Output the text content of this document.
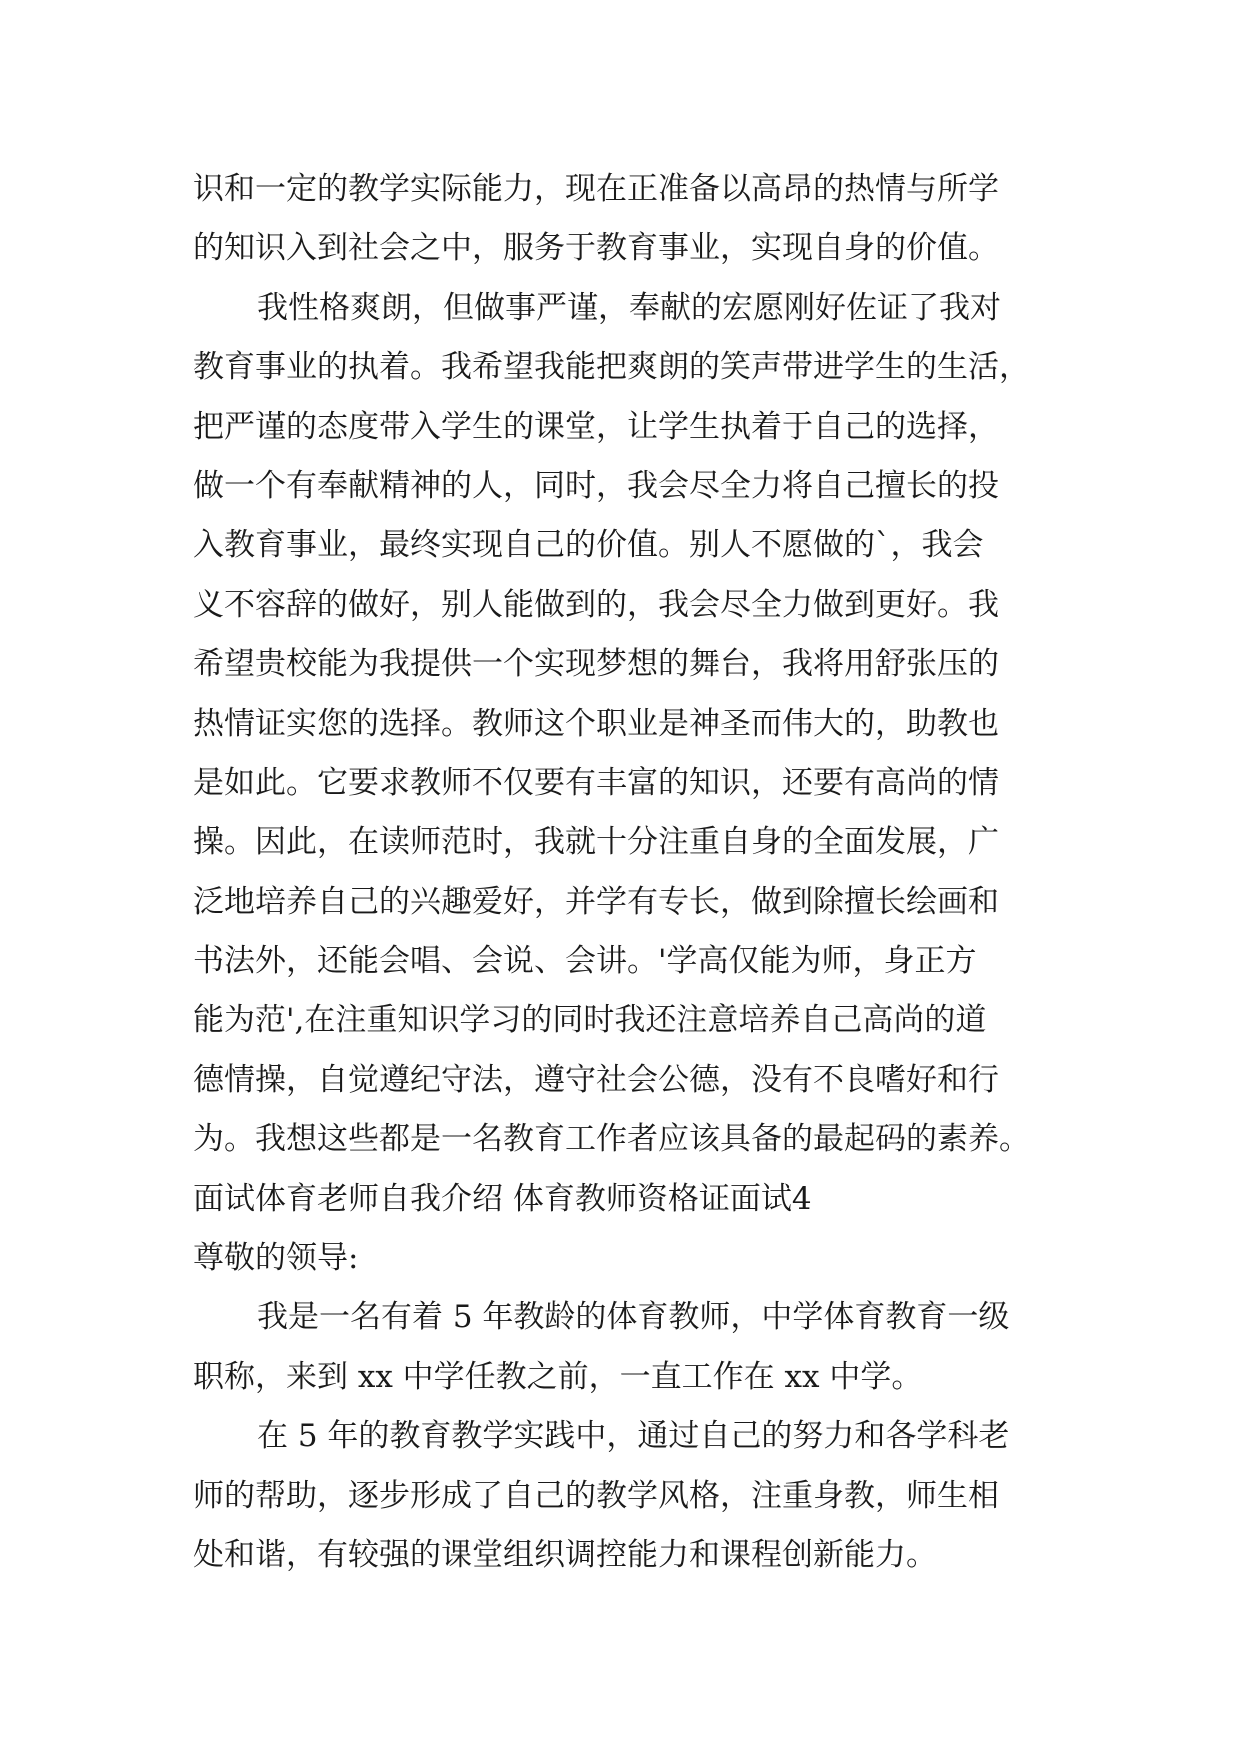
识和一定的教学实际能力，现在正准备以高昂的热情与所学
的知识入到社会之中，服务于教育事业，实现自身的价值。
我性格爽朗，但做事严谨，奉献的宏愿刚好佐证了我对
教育事业的执着。我希望我能把爽朗的笑声带进学生的生活，
把严谨的态度带入学生的课堂，让学生执着于自己的选择，
做一个有奉献精神的人，同时，我会尽全力将自己擅长的投
入教育事业，最终实现自己的价值。别人不愿做的`，我会
义不容辞的做好，别人能做到的，我会尽全力做到更好。我
希望贵校能为我提供一个实现梦想的舞台，我将用舒张压的
热情证实您的选择。教师这个职业是神圣而伟大的，助教也
是如此。它要求教师不仅要有丰富的知识，还要有高尚的情
操。因此，在读师范时，我就十分注重自身的全面发展，广
泛地培养自己的兴趣爱好，并学有专长，做到除擅长绘画和
书法外，还能会唱、会说、会讲。'学高仅能为师，身正方
能为范',在注重知识学习的同时我还注意培养自己高尚的道
德情操，自觉遵纪守法，遵守社会公德，没有不良嗜好和行
为。我想这些都是一名教育工作者应该具备的最起码的素养。
面试体育老师自我介绍 体育教师资格证面试4
尊敬的领导:
我是一名有着 5 年教龄的体育教师，中学体育教育一级
职称，来到 xx 中学任教之前，一直工作在 xx 中学。
在 5 年的教育教学实践中，通过自己的努力和各学科老
师的帮助，逐步形成了自己的教学风格，注重身教，师生相
处和谐，有较强的课堂组织调控能力和课程创新能力。
